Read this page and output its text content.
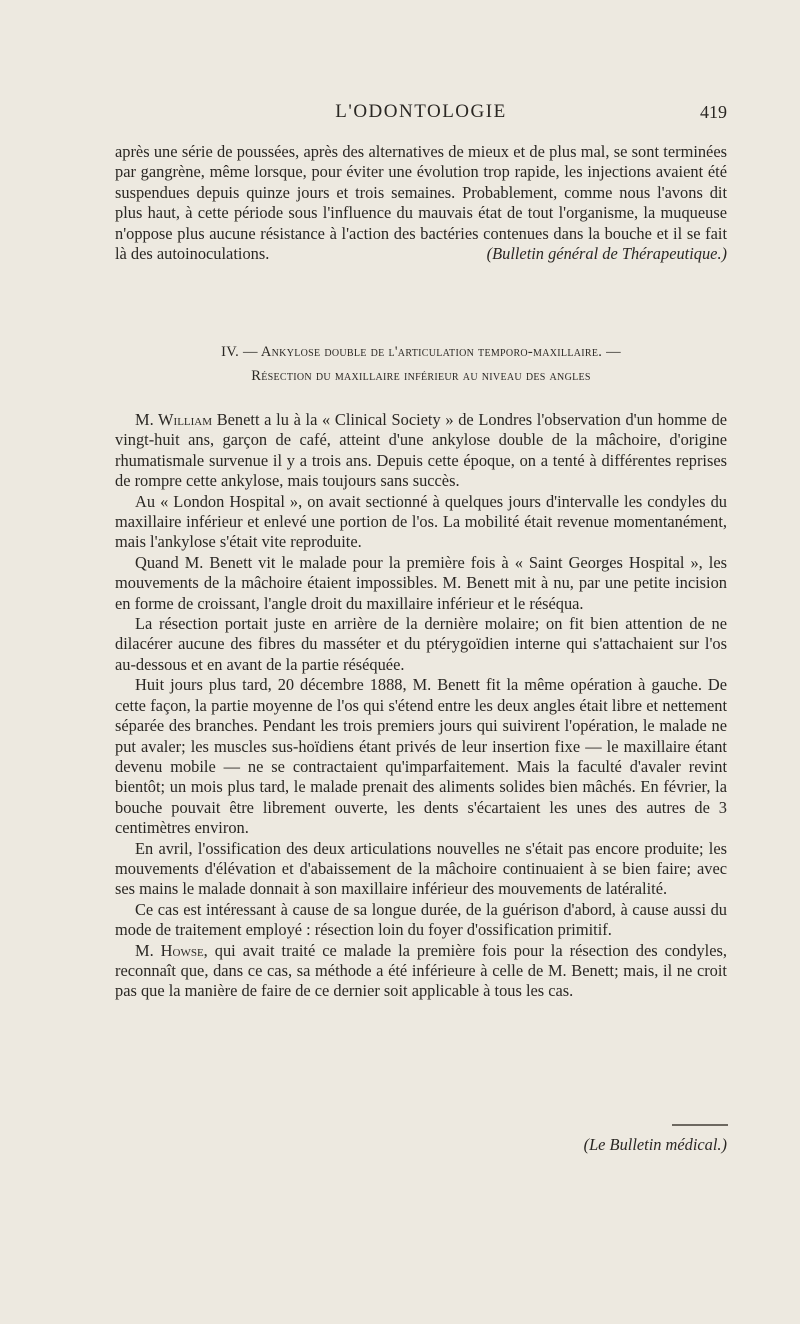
L'ODONTOLOGIE	419

après une série de poussées, après des alternatives de mieux et de plus mal, se sont terminées par gangrène, même lorsque, pour éviter une évolution trop rapide, les injections avaient été suspendues depuis quinze jours et trois semaines. Probablement, comme nous l'avons dit plus haut, à cette période sous l'influence du mauvais état de tout l'organisme, la muqueuse n'oppose plus aucune résistance à l'action des bactéries contenues dans la bouche et il se fait là des autoinoculations.	(Bulletin général de Thérapeutique.)

IV. — Ankylose double de l'articulation temporo-maxillaire. —
Résection du maxillaire inférieur au niveau des angles

M. William Benett a lu à la « Clinical Society » de Londres l'observation d'un homme de vingt-huit ans, garçon de café, atteint d'une ankylose double de la mâchoire, d'origine rhumatismale survenue il y a trois ans. Depuis cette époque, on a tenté à différentes reprises de rompre cette ankylose, mais toujours sans succès.

Au « London Hospital », on avait sectionné à quelques jours d'intervalle les condyles du maxillaire inférieur et enlevé une portion de l'os. La mobilité était revenue momentanément, mais l'ankylose s'était vite reproduite.

Quand M. Benett vit le malade pour la première fois à « Saint Georges Hospital », les mouvements de la mâchoire étaient impossibles. M. Benett mit à nu, par une petite incision en forme de croissant, l'angle droit du maxillaire inférieur et le réséqua.

La résection portait juste en arrière de la dernière molaire; on fit bien attention de ne dilacérer aucune des fibres du masséter et du ptérygoïdien interne qui s'attachaient sur l'os au-dessous et en avant de la partie réséquée.

Huit jours plus tard, 20 décembre 1888, M. Benett fit la même opération à gauche. De cette façon, la partie moyenne de l'os qui s'étend entre les deux angles était libre et nettement séparée des branches. Pendant les trois premiers jours qui suivirent l'opération, le malade ne put avaler; les muscles sus-hoïdiens étant privés de leur insertion fixe — le maxillaire étant devenu mobile — ne se contractaient qu'imparfaitement. Mais la faculté d'avaler revint bientôt; un mois plus tard, le malade prenait des aliments solides bien mâchés. En février, la bouche pouvait être librement ouverte, les dents s'écartaient les unes des autres de 3 centimètres environ.

En avril, l'ossification des deux articulations nouvelles ne s'était pas encore produite; les mouvements d'élévation et d'abaissement de la mâchoire continuaient à se bien faire; avec ses mains le malade donnait à son maxillaire inférieur des mouvements de latéralité.

Ce cas est intéressant à cause de sa longue durée, de la guérison d'abord, à cause aussi du mode de traitement employé : résection loin du foyer d'ossification primitif.

M. Howse, qui avait traité ce malade la première fois pour la résection des condyles, reconnaît que, dans ce cas, sa méthode a été inférieure à celle de M. Benett; mais, il ne croit pas que la manière de faire de ce dernier soit applicable à tous les cas.

(Le Bulletin médical.)
